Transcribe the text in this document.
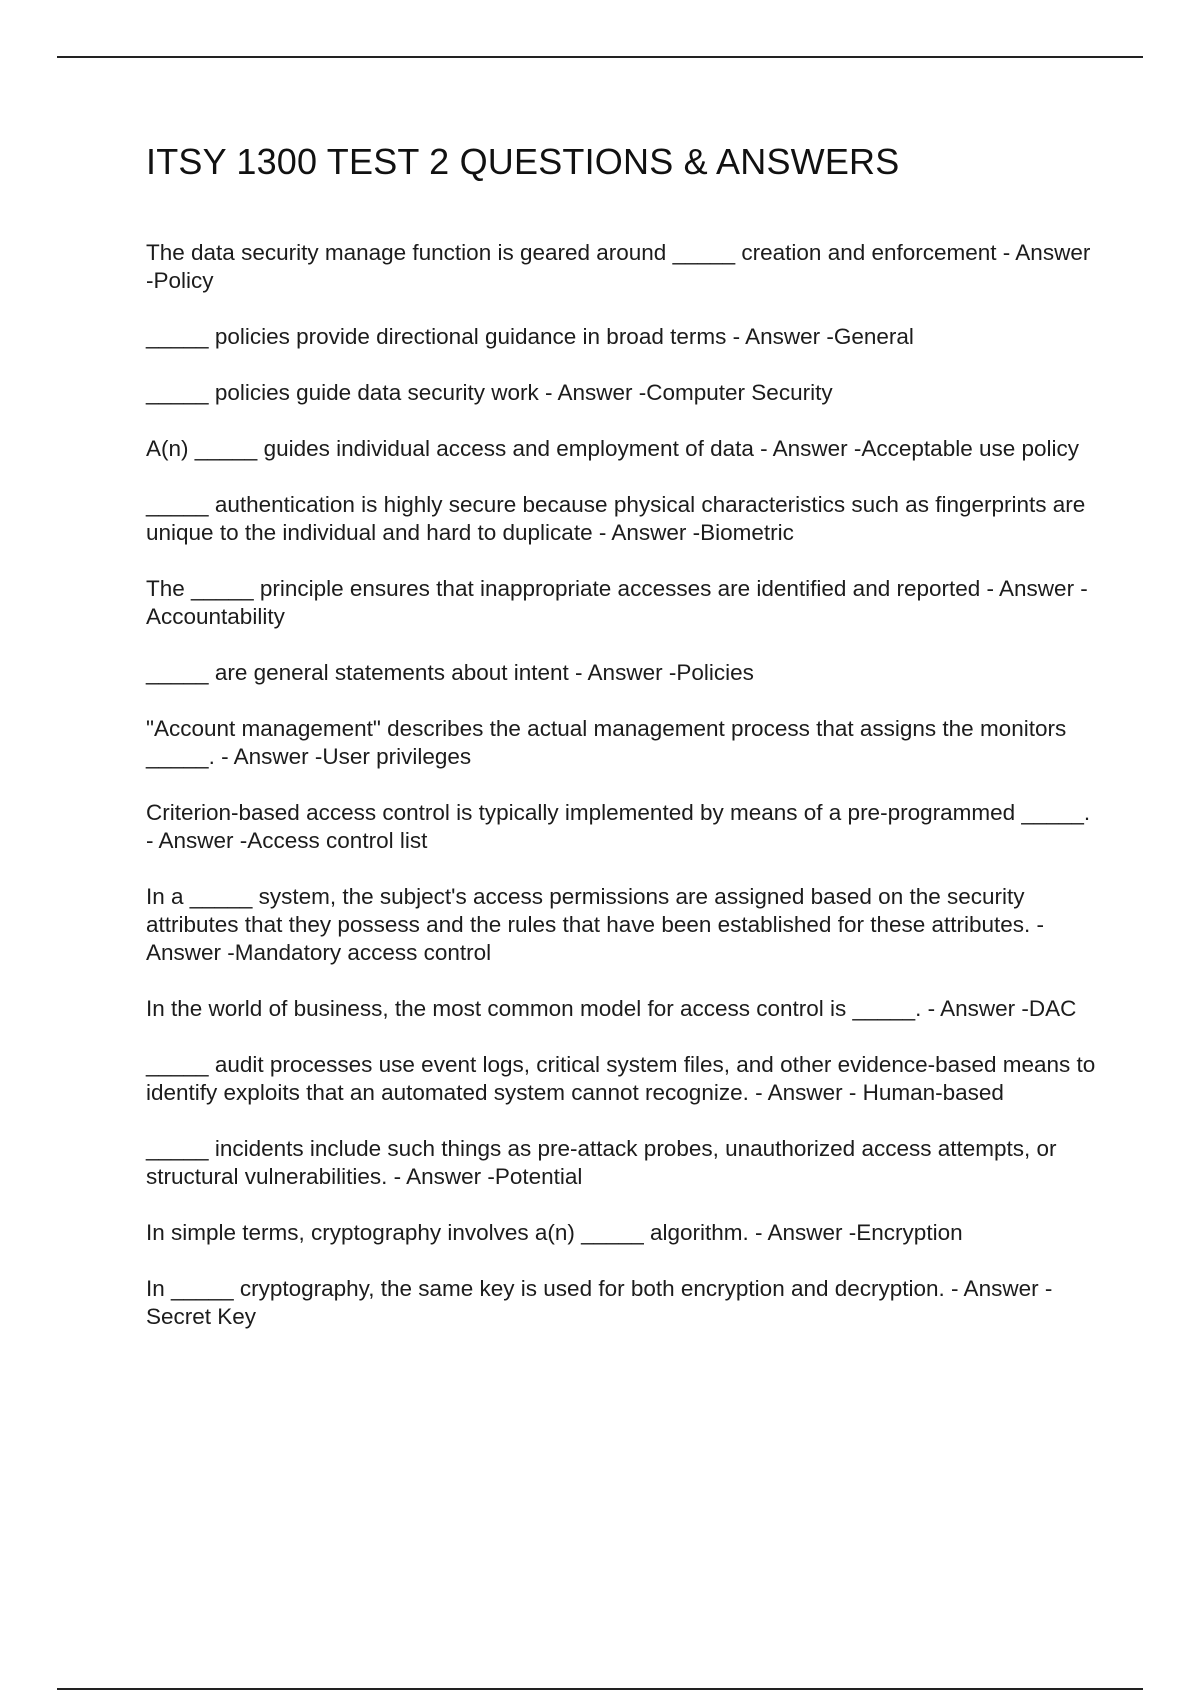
ITSY 1300 TEST 2 QUESTIONS & ANSWERS
The data security manage function is geared around _____ creation and enforcement - Answer -Policy
_____ policies provide directional guidance in broad terms - Answer -General
_____ policies guide data security work - Answer -Computer Security
A(n) _____ guides individual access and employment of data - Answer -Acceptable use policy
_____ authentication is highly secure because physical characteristics such as fingerprints are unique to the individual and hard to duplicate - Answer -Biometric
The _____ principle ensures that inappropriate accesses are identified and reported - Answer -Accountability
_____ are general statements about intent - Answer -Policies
"Account management" describes the actual management process that assigns the monitors _____. - Answer -User privileges
Criterion-based access control is typically implemented by means of a pre-programmed _____. - Answer -Access control list
In a _____ system, the subject's access permissions are assigned based on the security attributes that they possess and the rules that have been established for these attributes. - Answer -Mandatory access control
In the world of business, the most common model for access control is _____. - Answer -DAC
_____ audit processes use event logs, critical system files, and other evidence-based means to identify exploits that an automated system cannot recognize. - Answer - Human-based
_____ incidents include such things as pre-attack probes, unauthorized access attempts, or structural vulnerabilities. - Answer -Potential
In simple terms, cryptography involves a(n) _____ algorithm. - Answer -Encryption
In _____ cryptography, the same key is used for both encryption and decryption. - Answer -Secret Key
